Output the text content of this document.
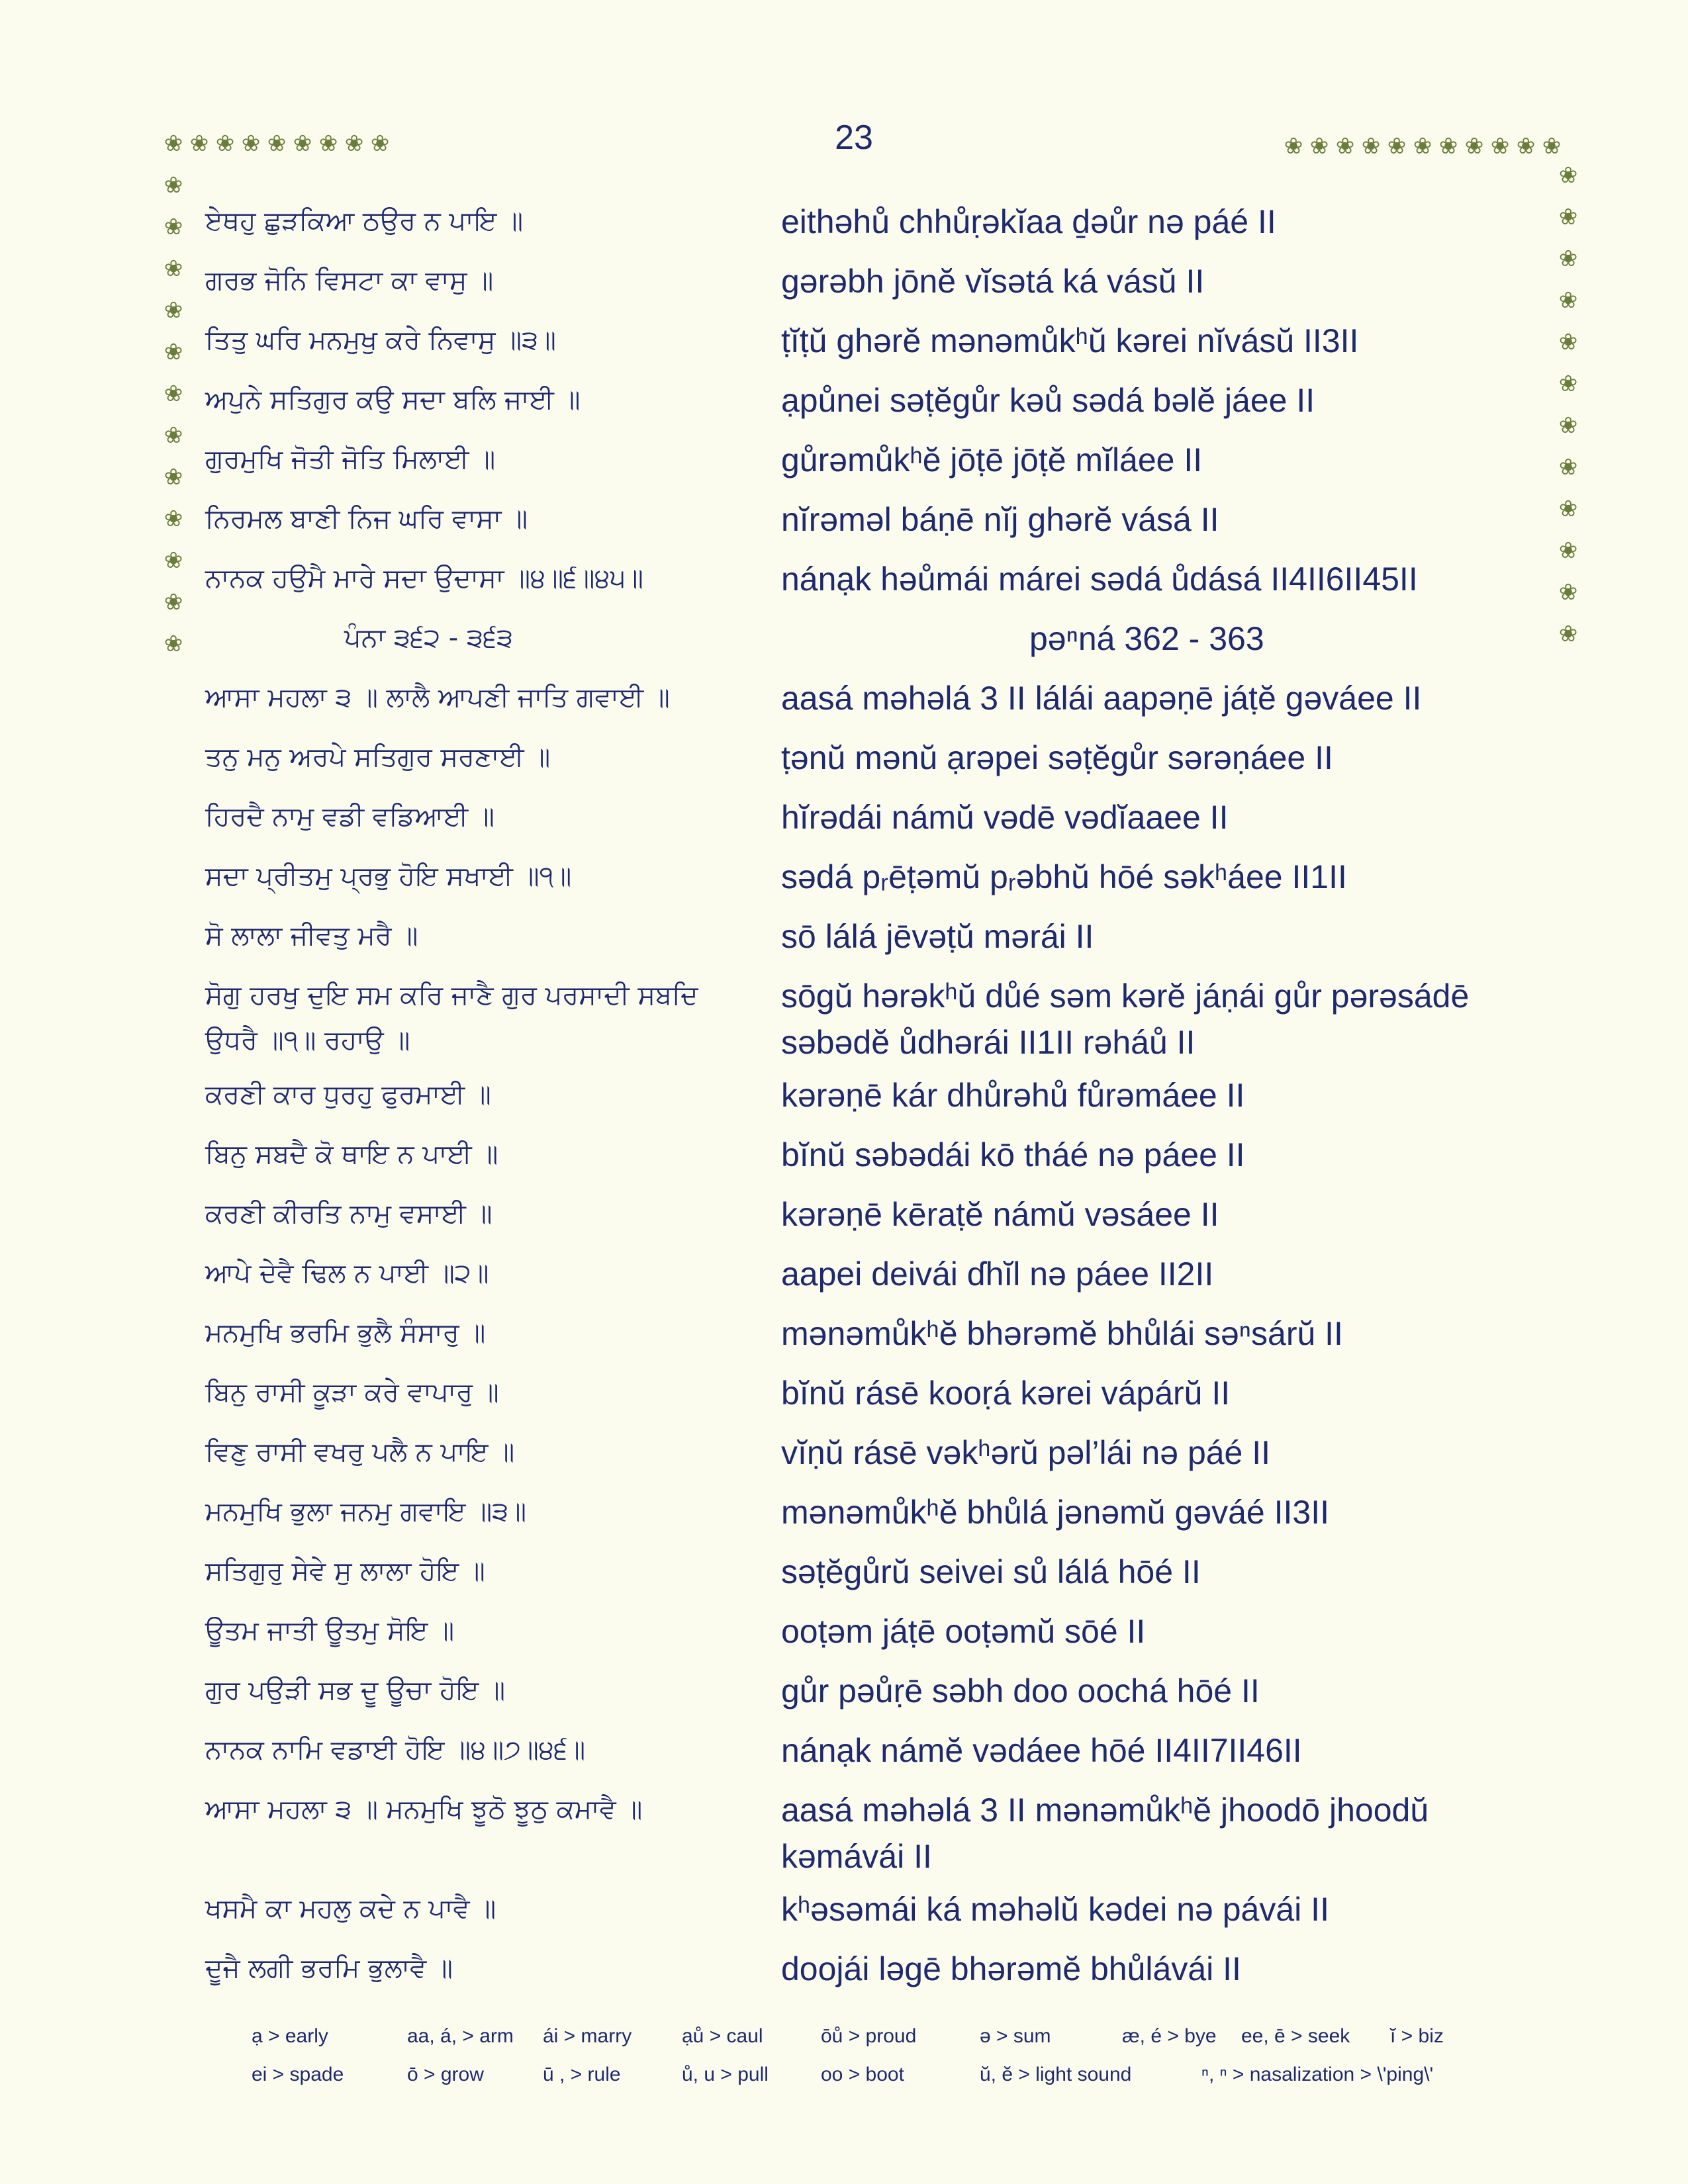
23
❀ ❀ ❀ ❀ ❀ ❀ ❀ ❀ ❀	❀ ❀ ❀ ❀ ❀ ❀ ❀ ❀ ❀ ❀ ❀
❀
❀
❀
❀
❀
❀
❀
❀
❀
❀
❀
❀
❀
❀
❀
❀
❀
❀
❀
❀
❀
❀
❀
❀
ਏਥਹੁ ਛੁੜਕਿਆ ਠਉਰ ਨ ਪਾਇ ॥	eithəhů chhůṛəkĭaa ḏəůr nə páé II
ਗਰਭ ਜੋਨਿ ਵਿਸਟਾ ਕਾ ਵਾਸੁ ॥	gərəbh jōnĕ vĭsətá ká vásŭ II
ਤਿਤੁ ਘਰਿ ਮਨਮੁਖੁ ਕਰੇ ਨਿਵਾਸੁ ॥੩॥	ṭĭṭŭ ghərĕ mənəmůkʰŭ kərei nĭvásŭ II3II
ਅਪੁਨੇ ਸਤਿਗੁਰ ਕਉ ਸਦਾ ਬਲਿ ਜਾਈ ॥	ạpůnei səṭĕgůr kəů sədá bəlĕ jáee II
ਗੁਰਮੁਖਿ ਜੋਤੀ ਜੋਤਿ ਮਿਲਾਈ ॥	gůrəmůkʰĕ jōṭē jōṭĕ mĭláee II
ਨਿਰਮਲ ਬਾਣੀ ਨਿਜ ਘਰਿ ਵਾਸਾ ॥	nĭrəməl báṇē nĭj ghərĕ vásá II
ਨਾਨਕ ਹਉਮੈ ਮਾਰੇ ਸਦਾ ਉਦਾਸਾ ॥੪॥੬॥੪੫॥	nánạk həůmái márei sədá ůdásá II4II6II45II
ਪੰਨਾ ੩੬੨ - ੩੬੩	pəⁿná 362 - 363
ਆਸਾ ਮਹਲਾ ੩ ॥ ਲਾਲੈ ਆਪਣੀ ਜਾਤਿ ਗਵਾਈ ॥	aasá məhəlá 3 II lálái aapəṇē jáṭĕ gəváee II
ਤਨੁ ਮਨੁ ਅਰਪੇ ਸਤਿਗੁਰ ਸਰਣਾਈ ॥	ṭənŭ mənŭ ạrəpei səṭĕgůr sərəṇáee II
ਹਿਰਦੈ ਨਾਮੁ ਵਡੀ ਵਡਿਆਈ ॥	hĭrədái námŭ vədē vədĭaaee II
ਸਦਾ ਪ੍ਰੀਤਮੁ ਪ੍ਰਭੁ ਹੋਇ ਸਖਾਈ ॥੧॥	sədá pᵣēṭəmŭ pᵣəbhŭ hōé səkʰáee II1II
ਸੋ ਲਾਲਾ ਜੀਵਤੁ ਮਰੈ ॥	sō lálá jēvəṭŭ mərái II
ਸੋਗੁ ਹਰਖੁ ਦੁਇ ਸਮ ਕਰਿ ਜਾਣੈ ਗੁਰ ਪਰਸਾਦੀ ਸਬਦਿ ਉਧਰੈ ॥੧॥ ਰਹਾਉ ॥
sōgŭ hərəkʰŭ důé səm kərĕ jáṇái gůr pərəsádē səbədĕ ůdhərái II1II rəháů II
ਕਰਣੀ ਕਾਰ ਧੁਰਹੁ ਫੁਰਮਾਈ ॥	kərəṇē kár dhůrəhů fůrəmáee II
ਬਿਨੁ ਸਬਦੈ ਕੋ ਥਾਇ ਨ ਪਾਈ ॥	bĭnŭ səbədái kō tháé nə páee II
ਕਰਣੀ ਕੀਰਤਿ ਨਾਮੁ ਵਸਾਈ ॥	kərəṇē kēraṭĕ námŭ vəsáee II
ਆਪੇ ਦੇਵੈ ਢਿਲ ਨ ਪਾਈ ॥੨॥	aapei deivái ɗhĭl nə páee II2II
ਮਨਮੁਖਿ ਭਰਮਿ ਭੁਲੈ ਸੰਸਾਰੁ ॥	mənəmůkʰĕ bhərəmĕ bhůlái səⁿsárŭ II
ਬਿਨੁ ਰਾਸੀ ਕੂੜਾ ਕਰੇ ਵਾਪਾਰੁ ॥	bĭnŭ rásē kooṛá kərei vápárŭ II
ਵਿਣੁ ਰਾਸੀ ਵਖਰੁ ਪਲੈ ਨ ਪਾਇ ॥	vĭṇŭ rásē vəkʰərŭ pəl’lái nə páé II
ਮਨਮੁਖਿ ਭੁਲਾ ਜਨਮੁ ਗਵਾਇ ॥੩॥	mənəmůkʰĕ bhůlá jənəmŭ gəváé II3II
ਸਤਿਗੁਰੁ ਸੇਵੇ ਸੁ ਲਾਲਾ ਹੋਇ ॥	səṭĕgůrŭ seivei sů lálá hōé II
ਊਤਮ ਜਾਤੀ ਊਤਮੁ ਸੋਇ ॥	ooṭəm jáṭē ooṭəmŭ sōé II
ਗੁਰ ਪਉੜੀ ਸਭ ਦੂ ਊਚਾ ਹੋਇ ॥	gůr pəůṛē səbh doo oochá hōé II
ਨਾਨਕ ਨਾਮਿ ਵਡਾਈ ਹੋਇ ॥੪॥੭॥੪੬॥	nánạk námĕ vədáee hōé II4II7II46II
ਆਸਾ ਮਹਲਾ ੩ ॥ ਮਨਮੁਖਿ ਝੂਠੋ ਝੂਠੁ ਕਮਾਵੈ ॥	aasá məhəlá 3 II mənəmůkʰĕ jhoodō jhoodŭ kəmávái II
ਖਸਮੈ ਕਾ ਮਹਲੁ ਕਦੇ ਨ ਪਾਵੈ ॥	kʰəsəmái ká məhəlŭ kədei nə pávái II
ਦੂਜੈ ਲਗੀ ਭਰਮਿ ਭੁਲਾਵੈ ॥	doojái ləgē bhərəmĕ bhůlávái II
ạ > early	aa, á, > arm ái > marry	ạů > caul	ōů > proud	ə > sum	æ, é > bye ee, ē > seek ĭ > biz
ei > spade	ō > grow	ū , > rule	ů, u > pull	oo > boot	ŭ, ĕ > light sound	ⁿ, ⁿ > nasalization > \'ping\'
